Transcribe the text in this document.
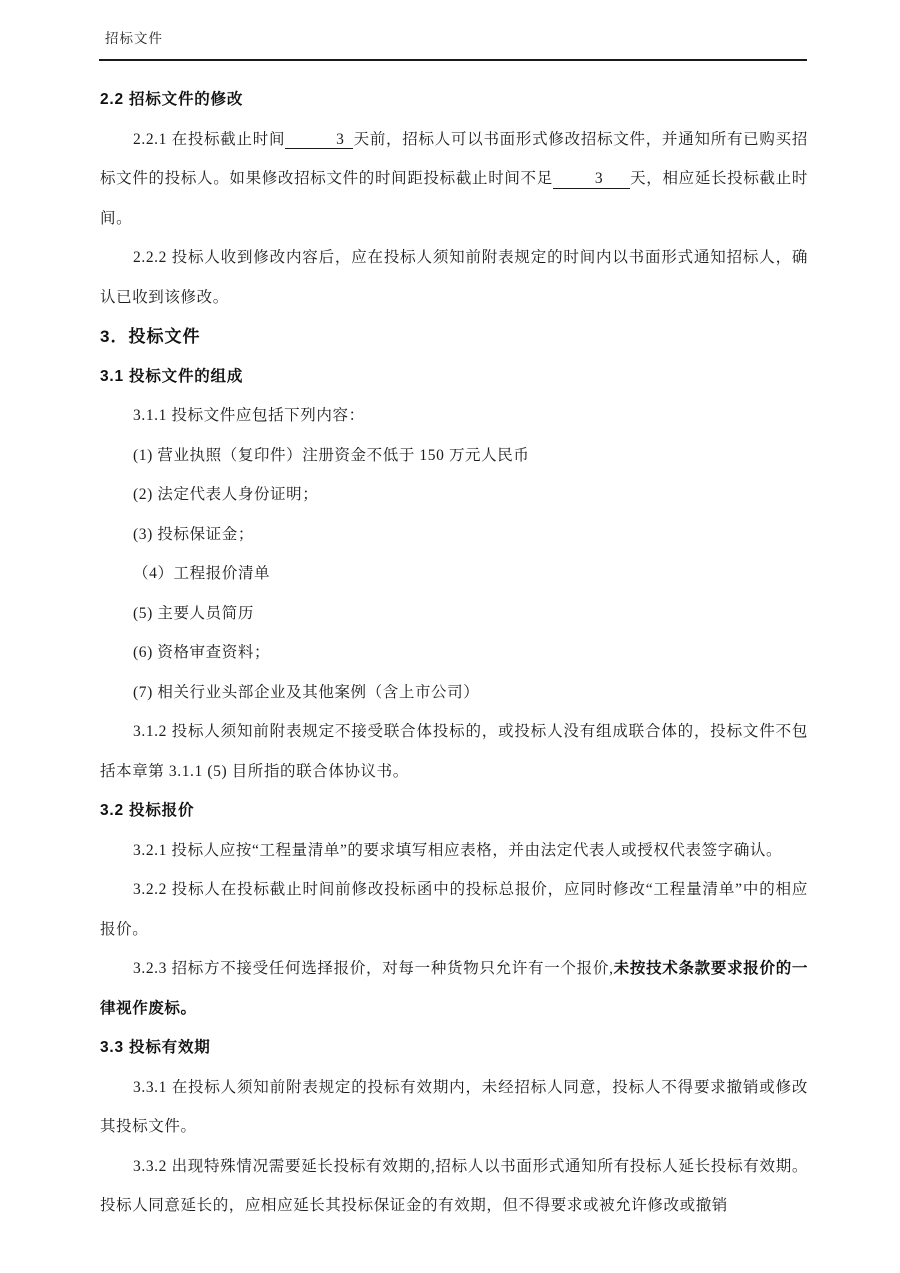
招标文件
2.2 招标文件的修改

2.2.1 在投标截止时间    3  天前，招标人可以书面形式修改招标文件，并通知所有已购买招标文件的投标人。如果修改招标文件的时间距投标截止时间不足  3      天，相应延长投标截止时间。

2.2.2 投标人收到修改内容后，应在投标人须知前附表规定的时间内以书面形式通知招标人，确认已收到该修改。

3．投标文件
3.1 投标文件的组成

3.1.1 投标文件应包括下列内容：

(1) 营业执照（复印件）注册资金不低于 150 万元人民币

(2) 法定代表人身份证明；

(3) 投标保证金；

（4）工程报价清单

(5) 主要人员简历

(6) 资格审查资料；

(7) 相关行业头部企业及其他案例（含上市公司）

3.1.2 投标人须知前附表规定不接受联合体投标的，或投标人没有组成联合体的，投标文件不包括本章第 3.1.1 (5) 目所指的联合体协议书。

3.2 投标报价

3.2.1 投标人应按“工程量清单”的要求填写相应表格，并由法定代表人或授权代表签字确认。

3.2.2 投标人在投标截止时间前修改投标函中的投标总报价，应同时修改“工程量清单”中的相应报价。

3.2.3 招标方不接受任何选择报价，对每一种货物只允许有一个报价,未按技术条款要求报价的一律视作废标。

3.3 投标有效期

3.3.1 在投标人须知前附表规定的投标有效期内，未经招标人同意，投标人不得要求撤销或修改其投标文件。

3.3.2 出现特殊情况需要延长投标有效期的,招标人以书面形式通知所有投标人延长投标有效期。投标人同意延长的，应相应延长其投标保证金的有效期，但不得要求或被允许修改或撤销
